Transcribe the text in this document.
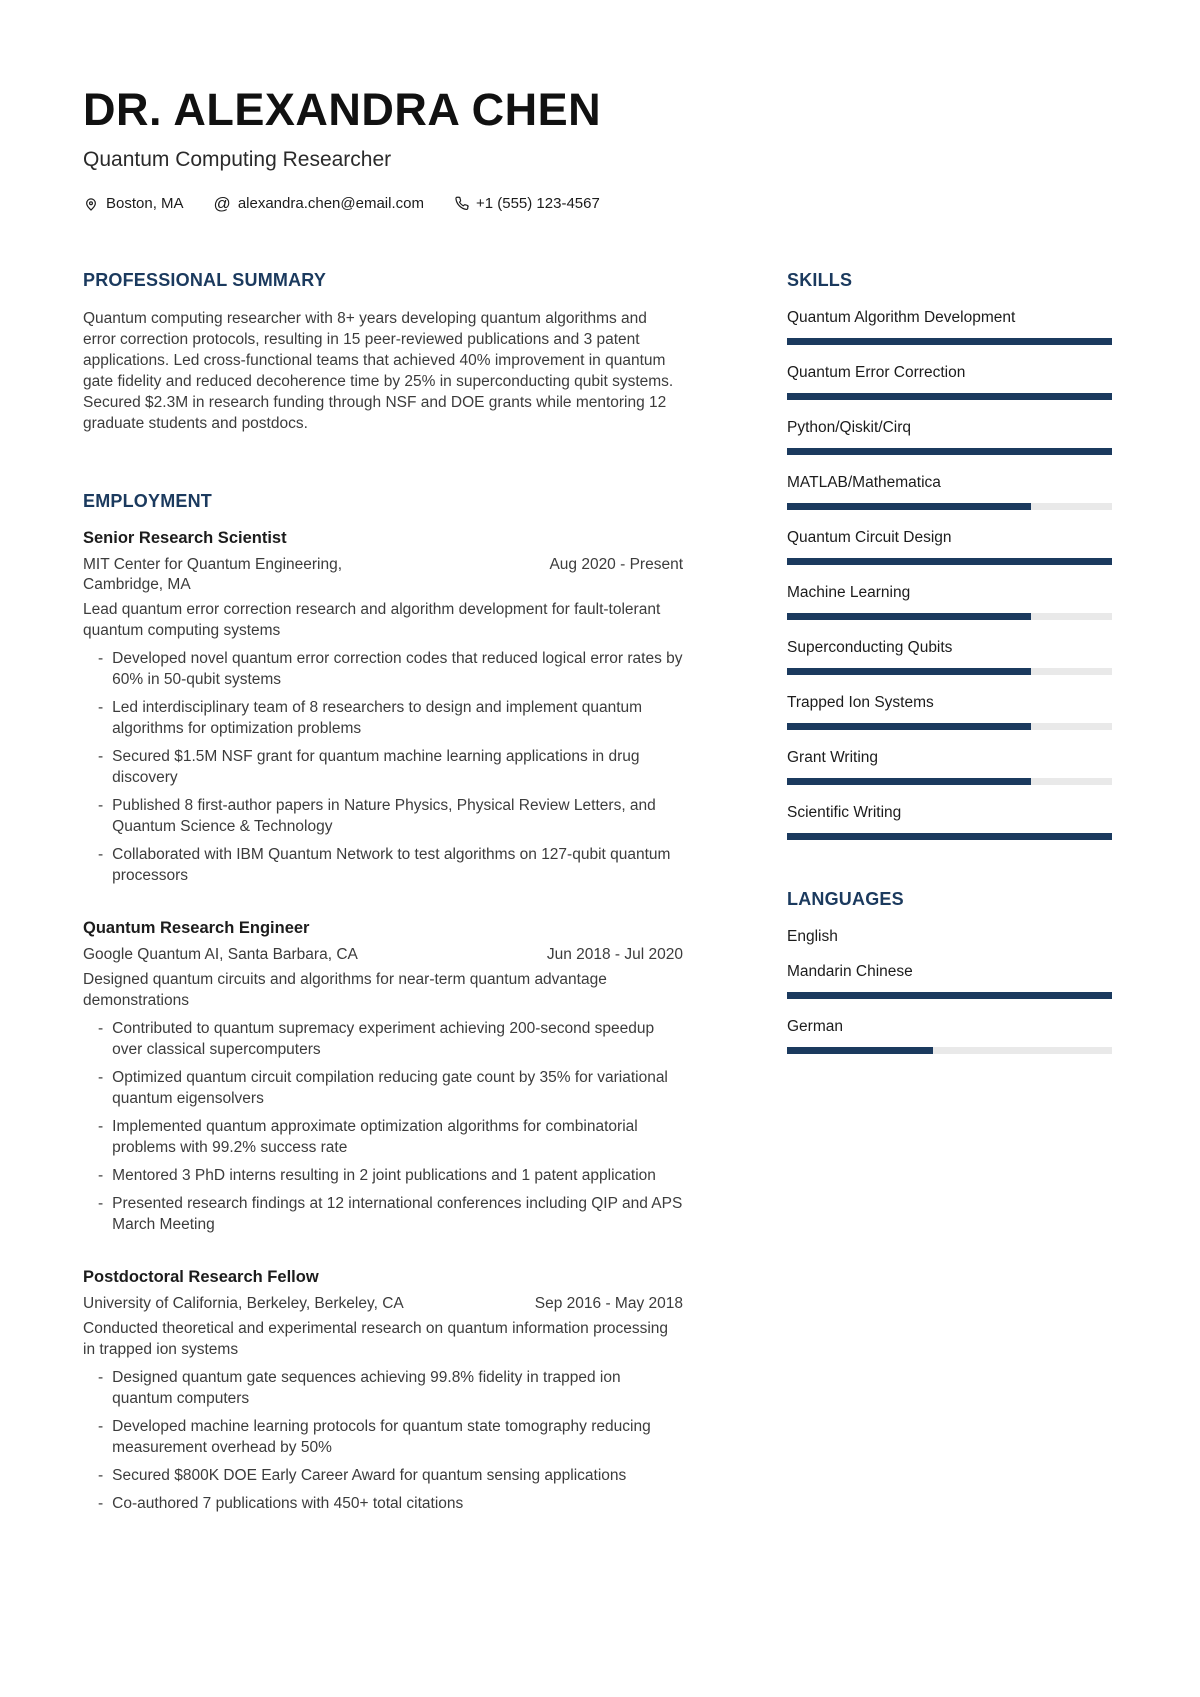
DR. ALEXANDRA CHEN
Quantum Computing Researcher
Boston, MA @ alexandra.chen@email.com	+1 (555) 123-4567
PROFESSIONAL SUMMARY

Quantum computing researcher with 8+ years developing quantum algorithms and error correction protocols, resulting in 15 peer-reviewed publications and 3 patent applications. Led cross-functional teams that achieved 40% improvement in quantum gate fidelity and reduced decoherence time by 25% in superconducting qubit systems. Secured $2.3M in research funding through NSF and DOE grants while mentoring 12 graduate students and postdocs.

EMPLOYMENT
Senior Research Scientist
MIT Center for Quantum Engineering,
Cambridge, MA
Aug 2020 - Present
Lead quantum error correction research and algorithm development for fault-tolerant quantum computing systems
- Developed novel quantum error correction codes that reduced logical error rates by 60% in 50-qubit systems
- Led interdisciplinary team of 8 researchers to design and implement quantum algorithms for optimization problems
- Secured $1.5M NSF grant for quantum machine learning applications in drug discovery
- Published 8 first-author papers in Nature Physics, Physical Review Letters, and Quantum Science & Technology
- Collaborated with IBM Quantum Network to test algorithms on 127-qubit quantum processors
Quantum Research Engineer
Google Quantum AI, Santa Barbara, CA	Jun 2018 - Jul 2020
Designed quantum circuits and algorithms for near-term quantum advantage demonstrations
- Contributed to quantum supremacy experiment achieving 200-second speedup over classical supercomputers
- Optimized quantum circuit compilation reducing gate count by 35% for variational quantum eigensolvers
- Implemented quantum approximate optimization algorithms for combinatorial problems with 99.2% success rate
- Mentored 3 PhD interns resulting in 2 joint publications and 1 patent application
- Presented research findings at 12 international conferences including QIP and APS March Meeting
Postdoctoral Research Fellow
University of California, Berkeley, Berkeley, CA	Sep 2016 - May 2018
Conducted theoretical and experimental research on quantum information processing in trapped ion systems
- Designed quantum gate sequences achieving 99.8% fidelity in trapped ion quantum computers
- Developed machine learning protocols for quantum state tomography reducing measurement overhead by 50%
- Secured $800K DOE Early Career Award for quantum sensing applications
- Co-authored 7 publications with 450+ total citations
SKILLS
Quantum Algorithm Development
Quantum Error Correction
Python/Qiskit/Cirq
MATLAB/Mathematica
Quantum Circuit Design
Machine Learning
Superconducting Qubits
Trapped Ion Systems
Grant Writing
Scientific Writing
LANGUAGES
English
Mandarin Chinese
German
